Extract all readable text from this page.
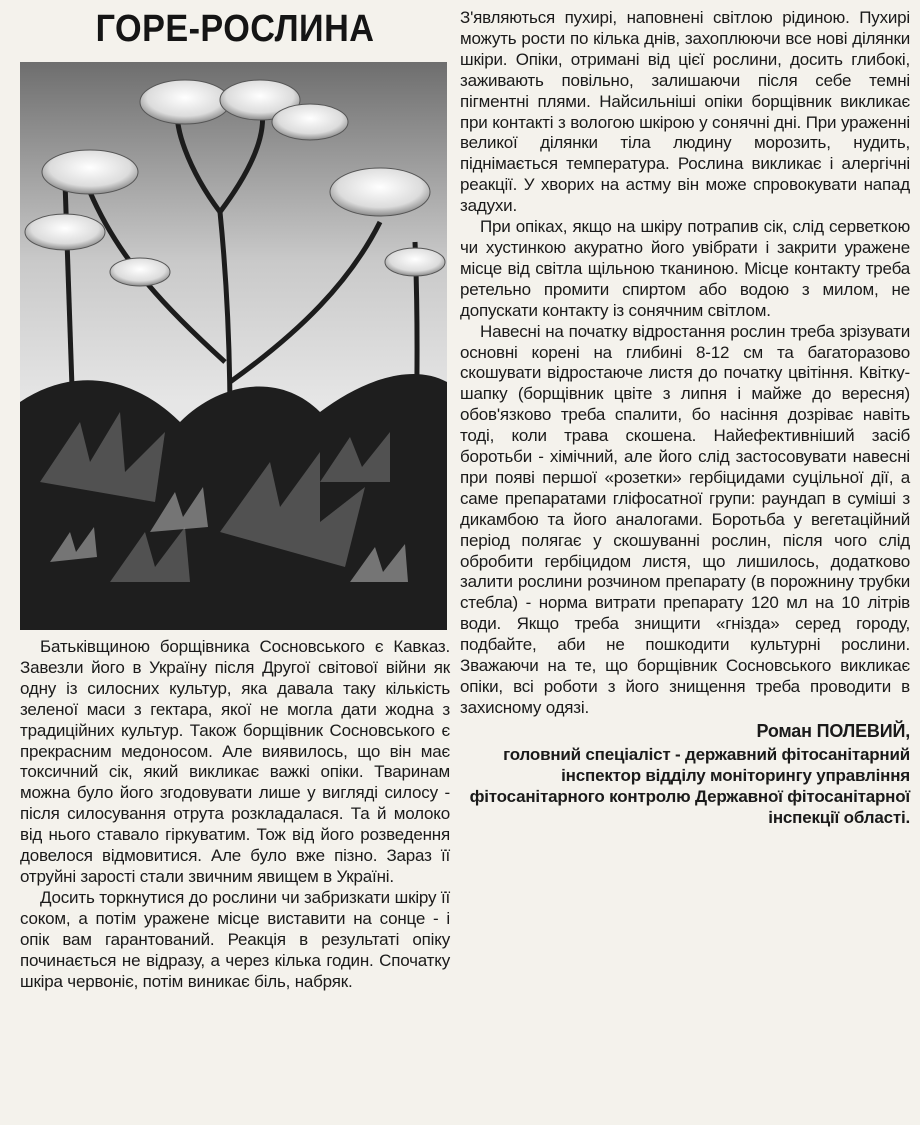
ГОРЕ-РОСЛИНА

Батьківщиною борщівника Сосновського є Кавказ. Завезли його в Україну після Другої світової війни як одну із силосних культур, яка давала таку кількість зеленої маси з гектара, якої не могла дати жодна з традиційних культур. Також борщівник Сосновського є прекрасним медоносом. Але виявилось, що він має токсичний сік, який викликає важкі опіки. Тваринам можна було його згодовувати лише у вигляді силосу - після силосування отрута розкладалася. Та й молоко від нього ставало гіркуватим. Тож від його розведення довелося відмовитися. Але було вже пізно. Зараз її отруйні зарості стали звичним явищем в Україні.

Досить торкнутися до рослини чи забризкати шкіру її соком, а потім уражене місце виставити на сонце - і опік вам гарантований. Реакція в результаті опіку починається не відразу, а через кілька годин. Спочатку шкіра червоніє, потім виникає біль, набряк.

З'являються пухирі, наповнені світлою рідиною. Пухирі можуть рости по кілька днів, захоплюючи все нові ділянки шкіри. Опіки, отримані від цієї рослини, досить глибокі, заживають повільно, залишаючи після себе темні пігментні плями. Найсильніші опіки борщівник викликає при контакті з вологою шкірою у сонячні дні. При ураженні великої ділянки тіла людину морозить, нудить, піднімається температура. Рослина викликає і алергічні реакції. У хворих на астму він може спровокувати напад задухи.

При опіках, якщо на шкіру потрапив сік, слід серветкою чи хустинкою акуратно його увібрати і закрити уражене місце від світла щільною тканиною. Місце контакту треба ретельно промити спиртом або водою з милом, не допускати контакту із сонячним світлом.

Навесні на початку відростання рослин треба зрізувати основні корені на глибині 8-12 см та багаторазово скошувати відростаюче листя до початку цвітіння. Квітку-шапку (борщівник цвіте з липня і майже до вересня) обов'язково треба спалити, бо насіння дозріває навіть тоді, коли трава скошена. Найефективніший засіб боротьби - хімічний, але його слід застосовувати навесні при появі першої «розетки» гербіцидами суцільної дії, а саме препаратами гліфосатної групи: раундап в суміші з дикамбою та його аналогами. Боротьба у вегетаційний період полягає у скошуванні рослин, після чого слід обробити гербіцидом листя, що лишилось, додатково залити рослини розчином препарату (в порожнину трубки стебла) - норма витрати препарату 120 мл на 10 літрів води. Якщо треба знищити «гнізда» серед городу, подбайте, аби не пошкодити культурні рослини. Зважаючи на те, що борщівник Сосновського викликає опіки, всі роботи з його знищення треба проводити в захисному одязі.

Роман ПОЛЕВИЙ,
головний спеціаліст - державний фітосанітарний інспектор відділу моніторингу управління фітосанітарного контролю Державної фітосанітарної інспекції області.
